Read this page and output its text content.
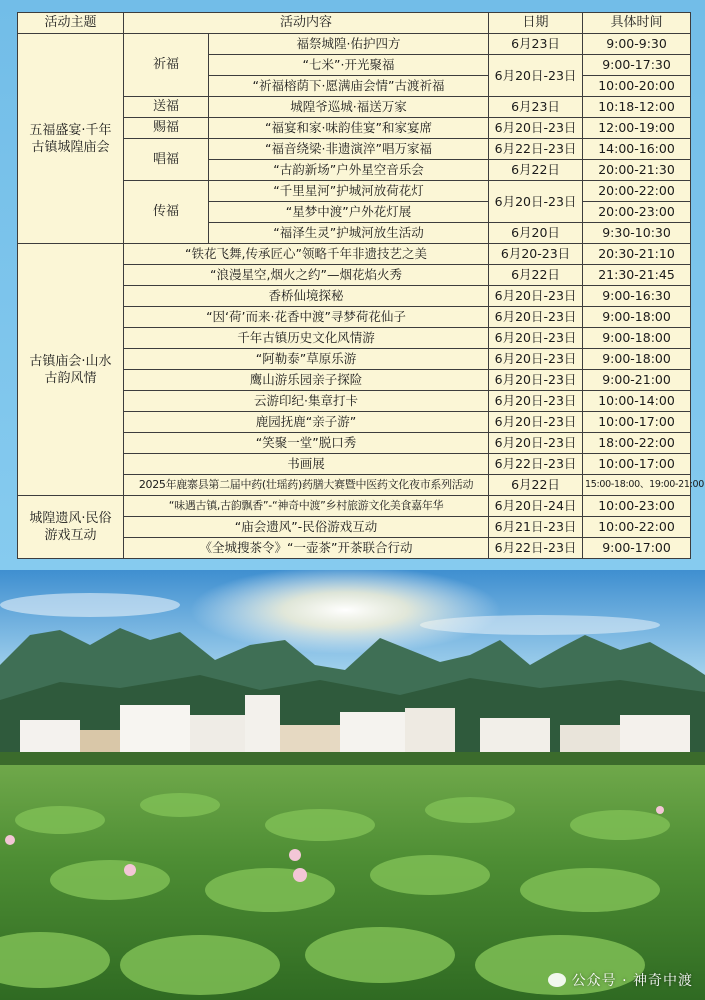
活动主题	活动内容		日期	具体时间
五福盛宴·千年
古镇城隍庙会	祈福	福祭城隍·佑护四方	6月23日	9:00-9:30
		“七米”·开光聚福	6月20日-23日	9:00-17:30
		“祈福榕荫下·愿满庙会情”古渡祈福		10:00-20:00
	送福	城隍爷巡城·福送万家	6月23日	10:18-12:00
	赐福	“福宴和家·味韵佳宴”和家宴席	6月20日-23日	12:00-19:00
	唱福	“福音绕梁·非遗演淬”唱万家福	6月22日-23日	14:00-16:00
		“古韵新场”户外星空音乐会	6月22日	20:00-21:30
	传福	“千里星河”护城河放荷花灯	6月20日-23日	20:00-22:00
		“星梦中渡”户外花灯展		20:00-23:00
		“福泽生灵”护城河放生活动	6月20日	9:30-10:30
古镇庙会·山水
古韵风情	“铁花飞舞,传承匠心”领略千年非遗技艺之美		6月20-23日	20:30-21:10
	“浪漫星空,烟火之约”—烟花焰火秀		6月22日	21:30-21:45
	香桥仙境探秘		6月20日-23日	9:00-16:30
	“因‘荷’而来·花香中渡”寻梦荷花仙子		6月20日-23日	9:00-18:00
	千年古镇历史文化风情游		6月20日-23日	9:00-18:00
	“阿勒泰”草原乐游		6月20日-23日	9:00-18:00
	鹰山游乐园亲子探险		6月20日-23日	9:00-21:00
	云游印纪·集章打卡		6月20日-23日	10:00-14:00
	鹿园抚鹿“亲子游”		6月20日-23日	10:00-17:00
	“笑聚一堂”脱口秀		6月20日-23日	18:00-22:00
	书画展		6月22日-23日	10:00-17:00
	2025年鹿寨县第二届中药(壮瑶药)药膳大赛暨中医药文化夜市系列活动		6月22日	15:00-18:00、19:00-21:00
城隍遗风·民俗
游戏互动	“味遇古镇,古韵飘香”-“神奇中渡”乡村旅游文化美食嘉年华		6月20日-24日	10:00-23:00
	“庙会遗风”-民俗游戏互动		6月21日-23日	10:00-22:00
	《全城搜茶令》“一壶茶”开茶联合行动		6月22日-23日	9:00-17:00
公众号 · 神奇中渡
